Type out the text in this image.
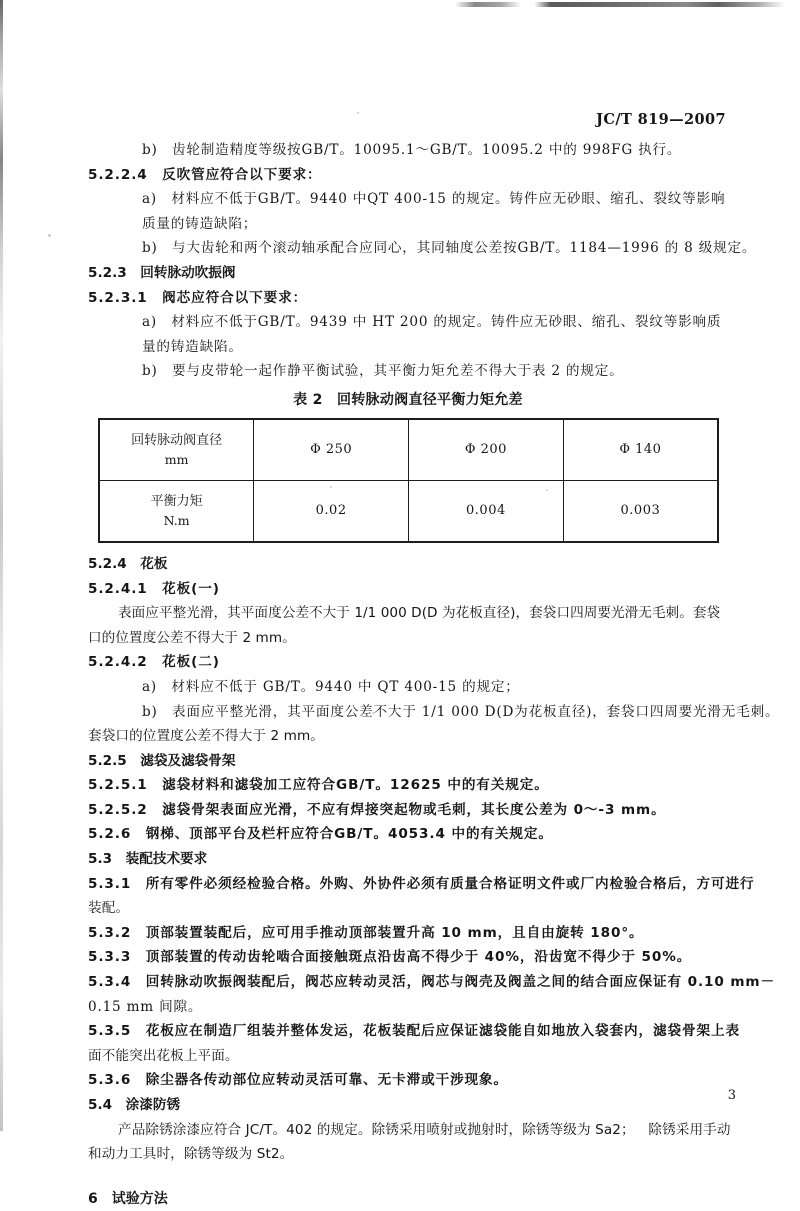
JC/T 819—2007
b) 齿轮制造精度等级按GB/T。10095.1～GB/T。10095.2 中的 998FG 执行。
5.2.2.4 反吹管应符合以下要求：
a) 材料应不低于GB/T。9440 中QT 400-15 的规定。铸件应无砂眼、缩孔、裂纹等影响质量的铸造缺陷；
b) 与大齿轮和两个滚动轴承配合应同心，其同轴度公差按GB/T。1184—1996 的 8 级规定。
5.2.3 回转脉动吹振阀
5.2.3.1 阀芯应符合以下要求：
a) 材料应不低于GB/T。9439 中 HT 200 的规定。铸件应无砂眼、缩孔、裂纹等影响质量的铸造缺陷。
b) 要与皮带轮一起作静平衡试验，其平衡力矩允差不得大于表 2 的规定。
表 2 回转脉动阀直径平衡力矩允差
回转脉动阀直径
mm	Φ 250	Φ 200	Φ 140
平衡力矩
N.m	0.02	0.004	0.003
5.2.4 花板
5.2.4.1 花板(一)
表面应平整光滑，其平面度公差不大于 1/1 000 D(D 为花板直径)，套袋口四周要光滑无毛刺。套袋口的位置度公差不得大于 2 mm。
5.2.4.2 花板(二)
a) 材料应不低于 GB/T。9440 中 QT 400-15 的规定；
b) 表面应平整光滑，其平面度公差不大于 1/1 000 D(D为花板直径)，套袋口四周要光滑无毛刺。
套袋口的位置度公差不得大于 2 mm。
5.2.5 滤袋及滤袋骨架
5.2.5.1 滤袋材料和滤袋加工应符合GB/T。12625 中的有关规定。
5.2.5.2 滤袋骨架表面应光滑，不应有焊接突起物或毛刺，其长度公差为 0～-3 mm。
5.2.6 钢梯、顶部平台及栏杆应符合GB/T。4053.4 中的有关规定。
5.3 装配技术要求
5.3.1 所有零件必须经检验合格。外购、外协件必须有质量合格证明文件或厂内检验合格后，方可进行
装配。
5.3.2 顶部装置装配后，应可用手推动顶部装置升高 10 mm，且自由旋转 180°。
5.3.3 顶部装置的传动齿轮啮合面接触斑点沿齿高不得少于 40%，沿齿宽不得少于 50%。
5.3.4 回转脉动吹振阀装配后，阀芯应转动灵活，阀芯与阀壳及阀盖之间的结合面应保证有 0.10 mm－
0.15 mm 间隙。
5.3.5 花板应在制造厂组装并整体发运，花板装配后应保证滤袋能自如地放入袋套内，滤袋骨架上表
面不能突出花板上平面。
5.3.6 除尘器各传动部位应转动灵活可靠、无卡滞或干涉现象。
5.4 涂漆防锈
产品除锈涂漆应符合 JC/T。402 的规定。除锈采用喷射或抛射时，除锈等级为 Sa2； 除锈采用手动
和动力工具时，除锈等级为 St2。
6 试验方法
3
